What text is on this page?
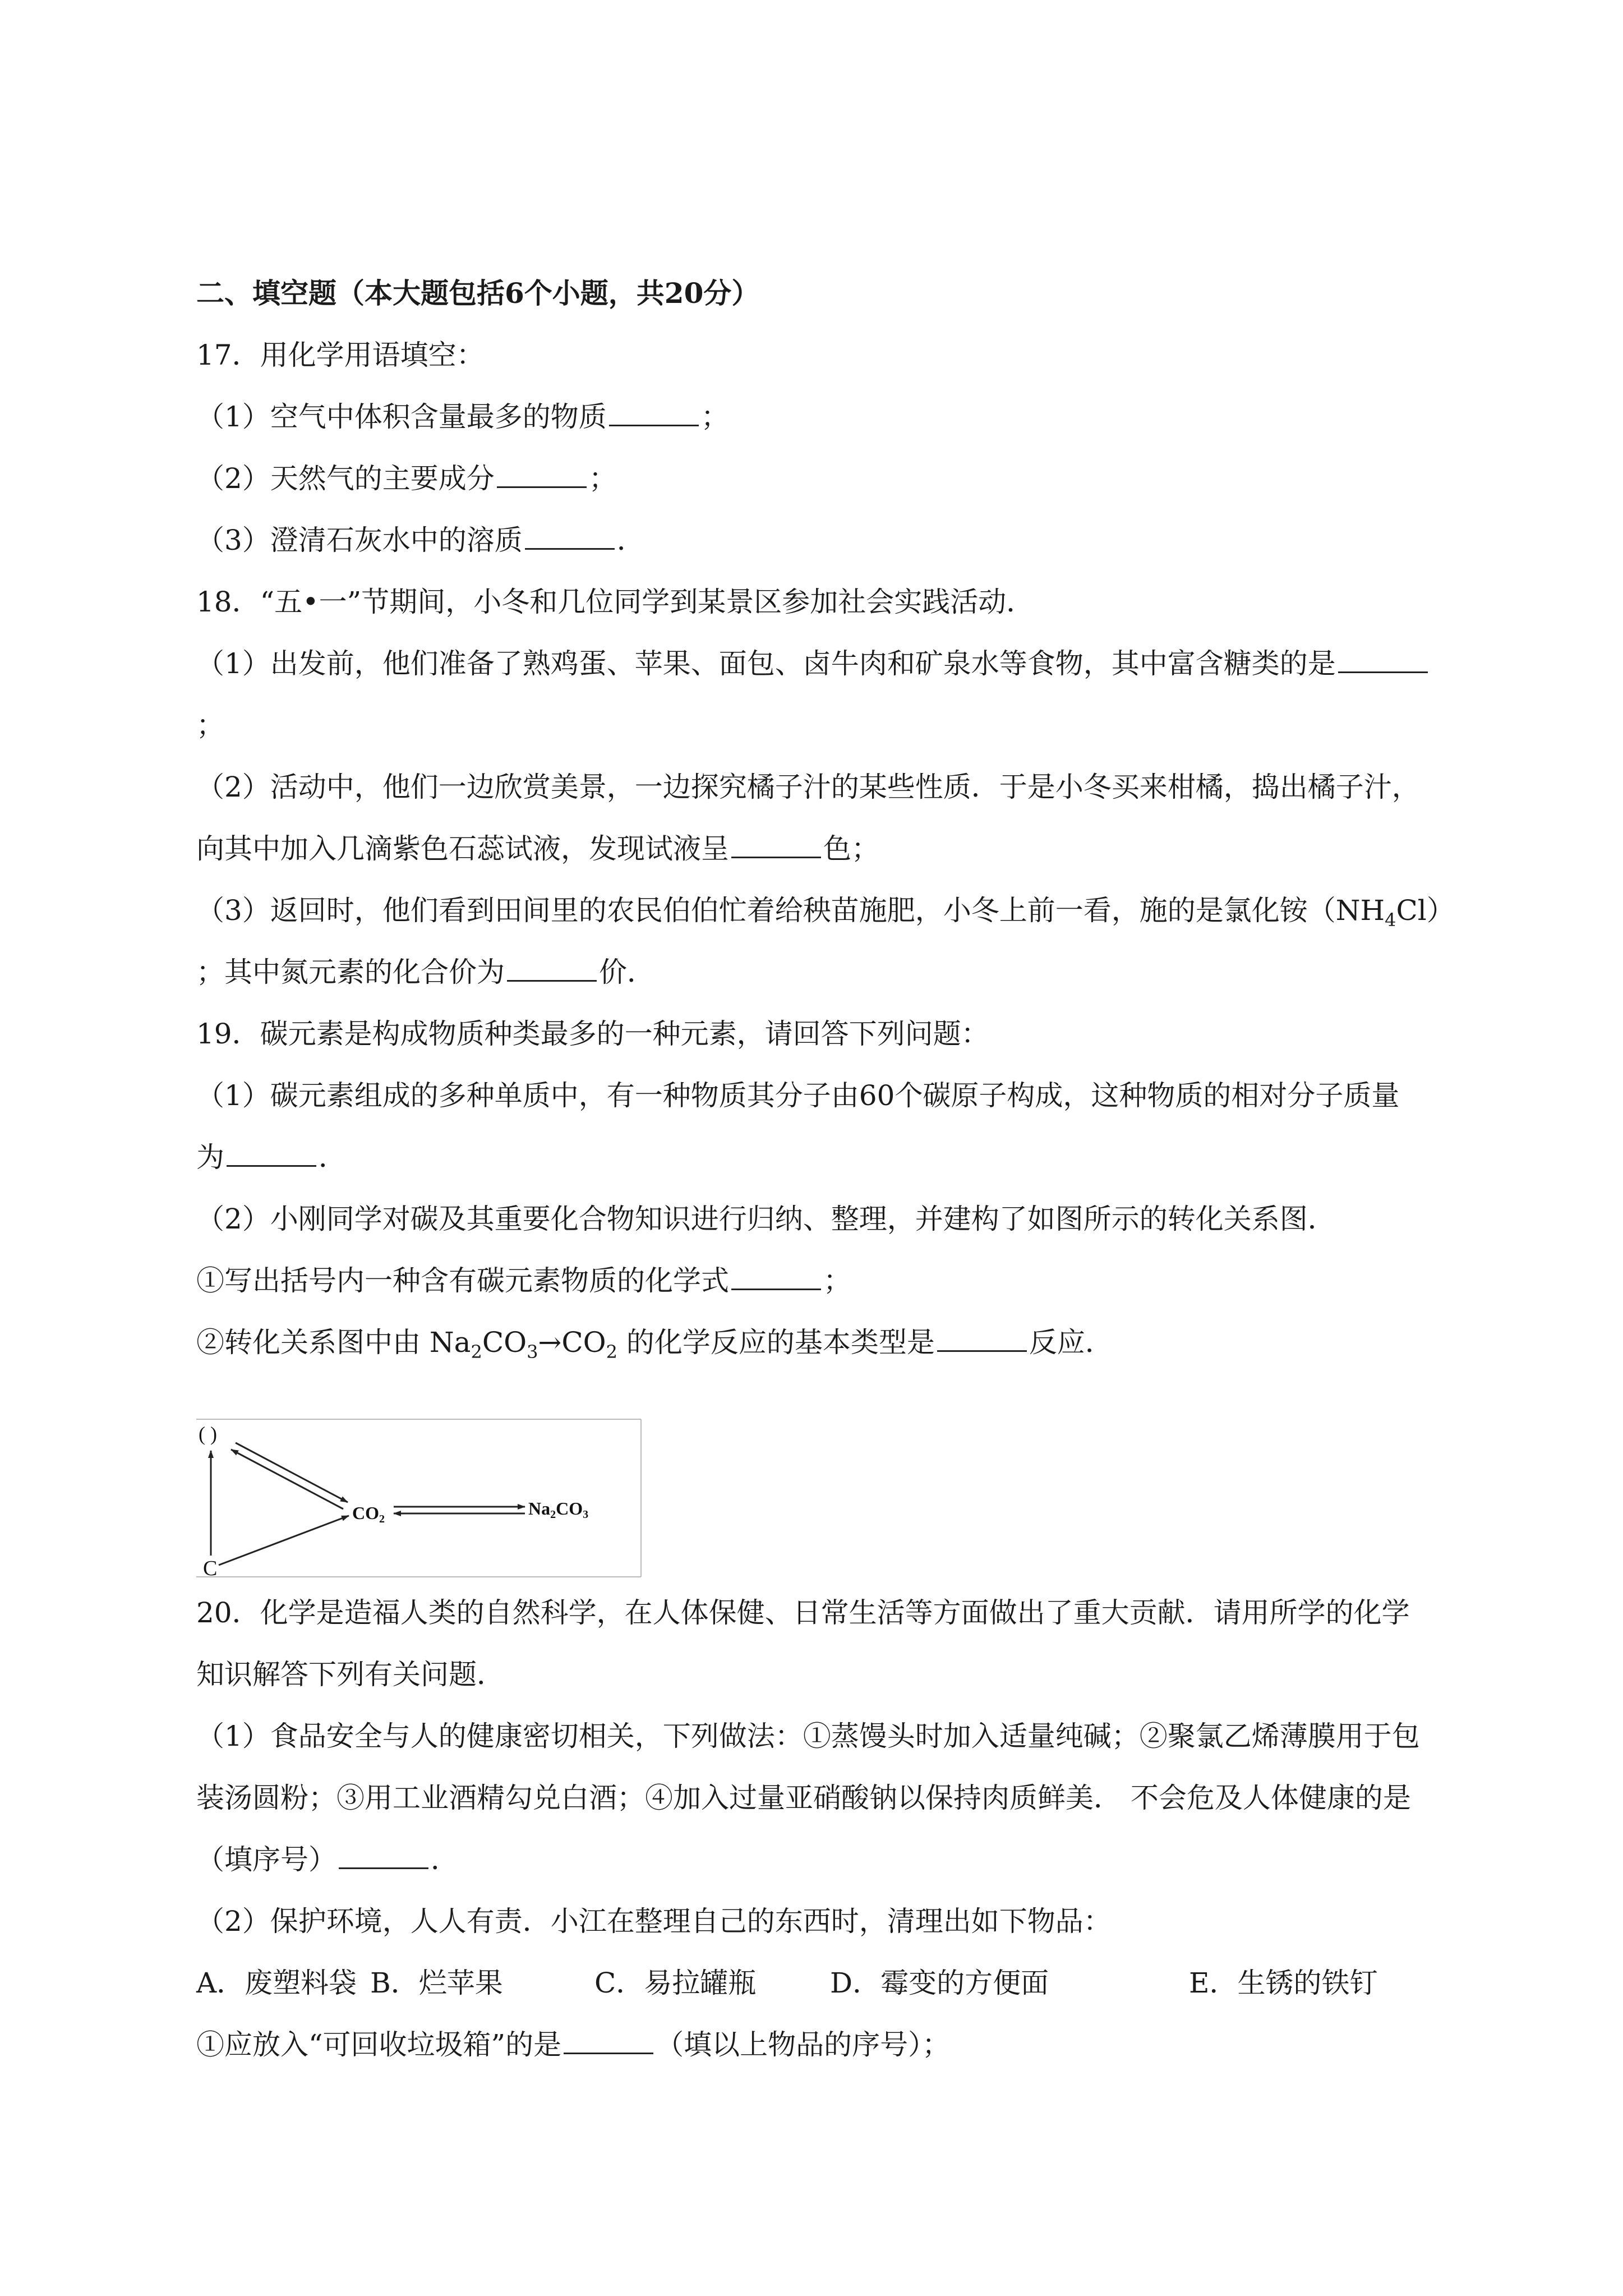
二、填空题（本大题包括6个小题，共20分）

17．用化学用语填空：

（1）空气中体积含量最多的物质	；

（2）天然气的主要成分	；

（3）澄清石灰水中的溶质	．

18．“五•一”节期间，小冬和几位同学到某景区参加社会实践活动．

（1）出发前，他们准备了熟鸡蛋、苹果、面包、卤牛肉和矿泉水等食物，其中富含糖类的是

；

（2）活动中，他们一边欣赏美景，一边探究橘子汁的某些性质．于是小冬买来柑橘，捣出橘子汁，

向其中加入几滴紫色石蕊试液，发现试液呈	色；

（3）返回时，他们看到田间里的农民伯伯忙着给秧苗施肥，小冬上前一看，施的是氯化铵$(NH_4Cl)$

；其中氮元素的化合价为	价．

19．碳元素是构成物质种类最多的一种元素，请回答下列问题：

（1）碳元素组成的多种单质中，有一种物质其分子由60个碳原子构成，这种物质的相对分子质量

为	．

（2）小刚同学对碳及其重要化合物知识进行归纳、整理，并建构了如图所示的转化关系图．

①写出括号内一种含有碳元素物质的化学式	；

②转化关系图中由 $Na_2CO_3\to CO_2$ 的化学反应的基本类型是	反应．

( )
C
CO2
Na2CO3

20．化学是造福人类的自然科学，在人体保健、日常生活等方面做出了重大贡献．请用所学的化学

知识解答下列有关问题．

（1）食品安全与人的健康密切相关，下列做法：①蒸馒头时加入适量纯碱；②聚氯乙烯薄膜用于包

装汤圆粉；③用工业酒精勾兑白酒；④加入过量亚硝酸钠以保持肉质鲜美． 不会危及人体健康的是

（填序号）	．

（2）保护环境，人人有责．小江在整理自己的东西时，清理出如下物品：

A．废塑料袋 B．烂苹果	C．易拉罐瓶	D．霉变的方便面	E．生锈的铁钉

①应放入“可回收垃圾箱”的是	（填以上物品的序号）；
